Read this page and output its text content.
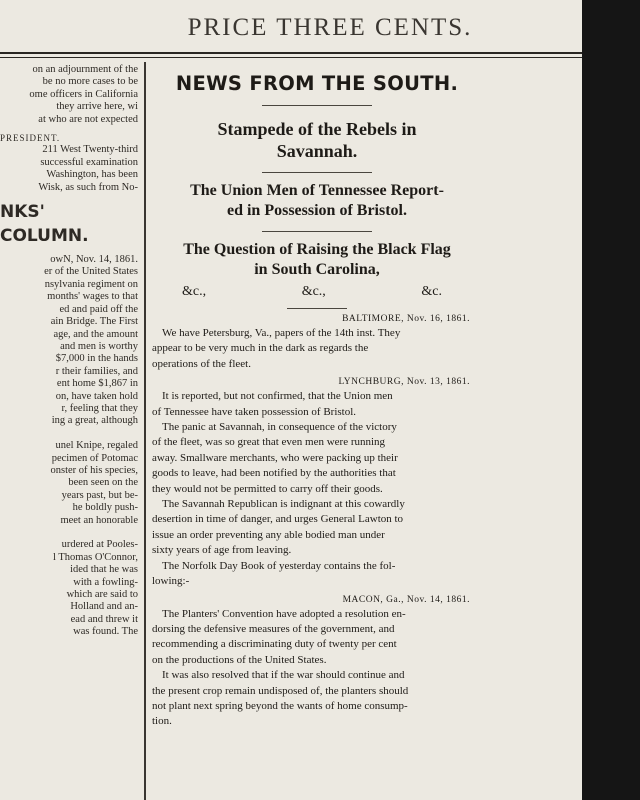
PRICE THREE CENTS.
on an adjournment of the
be no more cases to be
ome officers in California
they arrive here, wi
at who are not expected
PRESIDENT.
211 West Twenty-third
successful examination
Washington, has been
Wisk, as such from No-
NKS' COLUMN.
owN, Nov. 14, 1861.
er of the United States
nsylvania regiment on
months' wages to that
ed and paid off the
ain Bridge. The First
age, and the amount
and men is worthy
$7,000 in the hands
r their families, and
ent home $1,867 in
on, have taken hold
r, feeling that they
ing a great, although

unel Knipe, regaled
pecimen of Potomac
onster of his species,
been seen on the
years past, but be-
he boldly push-
meet an honorable

urdered at Pooles-
l Thomas O'Connor,
ided that he was
with a fowling-
which are said to
Holland and an-
ead and threw it
was found. The
NEWS FROM THE SOUTH.
Stampede of the Rebels in
Savannah.
The Union Men of Tennessee Report-
ed in Possession of Bristol.
The Question of Raising the Black Flag
in South Carolina,
&c.,	&c.,	&c.
BALTIMORE, Nov. 16, 1861.
We have Petersburg, Va., papers of the 14th inst. They
appear to be very much in the dark as regards the
operations of the fleet.
LYNCHBURG, Nov. 13, 1861.
It is reported, but not confirmed, that the Union men
of Tennessee have taken possession of Bristol.
The panic at Savannah, in consequence of the victory
of the fleet, was so great that even men were running
away. Smallware merchants, who were packing up their
goods to leave, had been notified by the authorities that
they would not be permitted to carry off their goods.
The Savannah Republican is indignant at this cowardly
desertion in time of danger, and urges General Lawton to
issue an order preventing any able bodied man under
sixty years of age from leaving.
The Norfolk Day Book of yesterday contains the fol-
lowing:-
MACON, Ga., Nov. 14, 1861.
The Planters' Convention have adopted a resolution en-
dorsing the defensive measures of the government, and
recommending a discriminating duty of twenty per cent
on the productions of the United States.
It was also resolved that if the war should continue and
the present crop remain undisposed of, the planters should
not plant next spring beyond the wants of home consump-
tion.
